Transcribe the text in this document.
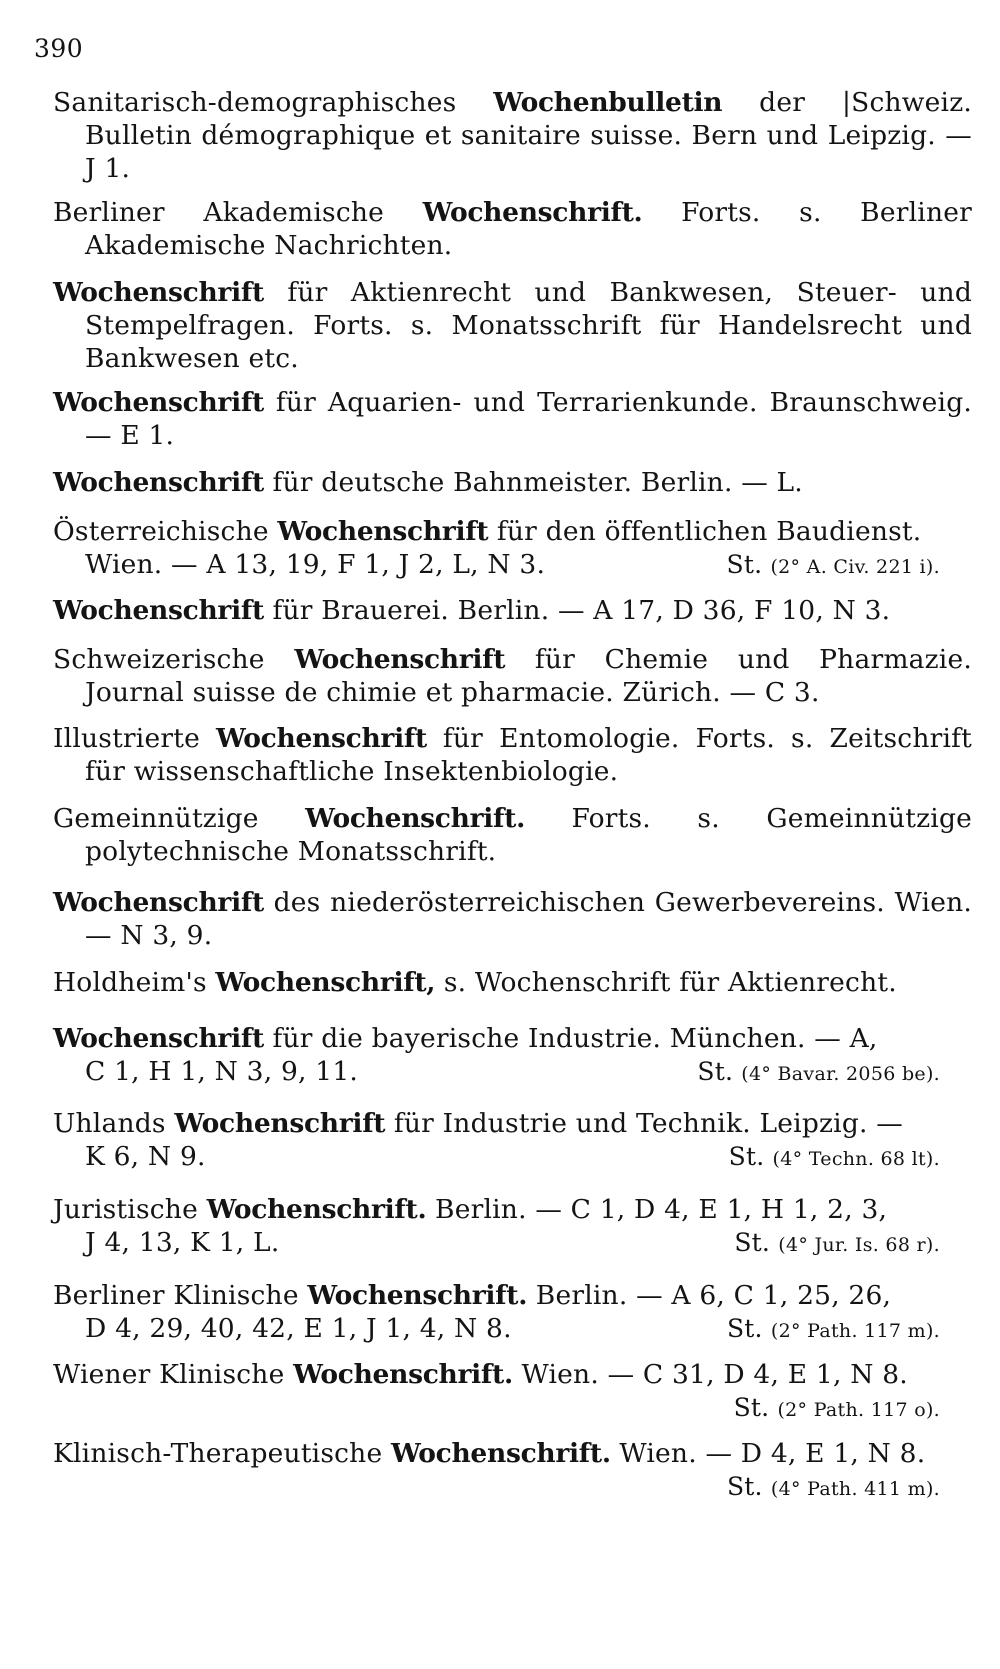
390
Sanitarisch-demographisches Wochenbulletin der |Schweiz. Bulletin démographique et sanitaire suisse. Bern und Leipzig. — J 1.
Berliner Akademische Wochenschrift. Forts. s. Berliner Akademische Nachrichten.
Wochenschrift für Aktienrecht und Bankwesen, Steuer- und Stempelfragen. Forts. s. Monatsschrift für Handelsrecht und Bankwesen etc.
Wochenschrift für Aquarien- und Terrarienkunde. Braunschweig. — E 1.
Wochenschrift für deutsche Bahnmeister. Berlin. — L.
Österreichische Wochenschrift für den öffentlichen Baudienst.
St. (2° A. Civ. 221 i).
Wien. — A 13, 19, F 1, J 2, L, N 3.
Wochenschrift für Brauerei. Berlin. — A 17, D 36, F 10, N 3.
Schweizerische Wochenschrift für Chemie und Pharmazie. Journal suisse de chimie et pharmacie. Zürich. — C 3.
Illustrierte Wochenschrift für Entomologie. Forts. s. Zeitschrift für wissenschaftliche Insektenbiologie.
Gemeinnützige Wochenschrift. Forts. s. Gemeinnützige polytechnische Monatsschrift.
Wochenschrift des niederösterreichischen Gewerbevereins. Wien. — N 3, 9.
Holdheim's Wochenschrift, s. Wochenschrift für Aktienrecht.
Wochenschrift für die bayerische Industrie. München. — A,
St. (4° Bavar. 2056 be).
C 1, H 1, N 3, 9, 11.
Uhlands Wochenschrift für Industrie und Technik. Leipzig. —
St. (4° Techn. 68 lt).
K 6, N 9.
Juristische Wochenschrift. Berlin. — C 1, D 4, E 1, H 1, 2, 3,
St. (4° Jur. Is. 68 r).
J 4, 13, K 1, L.
Berliner Klinische Wochenschrift. Berlin. — A 6, C 1, 25, 26,
St. (2° Path. 117 m).
D 4, 29, 40, 42, E 1, J 1, 4, N 8.
Wiener Klinische Wochenschrift. Wien. — C 31, D 4, E 1, N 8.
St. (2° Path. 117 o).
Klinisch-Therapeutische Wochenschrift. Wien. — D 4, E 1, N 8.
St. (4° Path. 411 m).
